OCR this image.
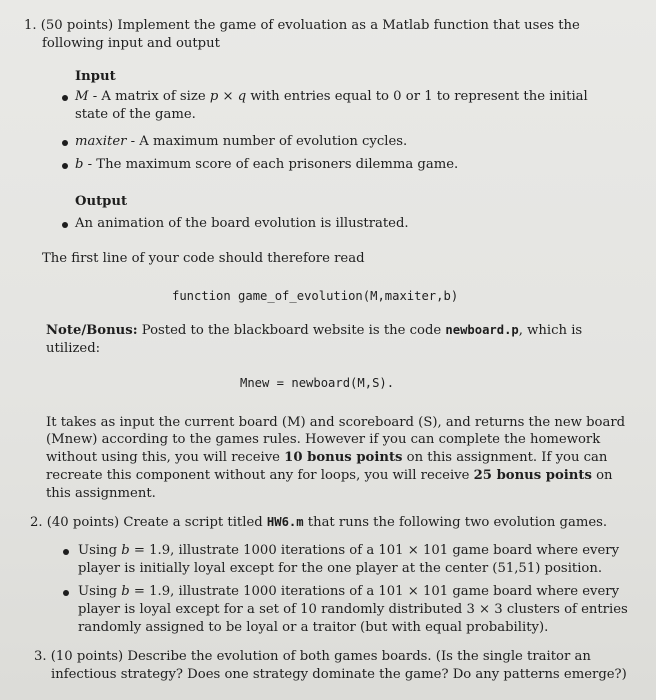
1. (50 points) Implement the game of evoluation as a Matlab function that uses the
following input and output
Input
M - A matrix of size p × q with entries equal to 0 or 1 to represent the initial
state of the game.
maxiter - A maximum number of evolution cycles.
b - The maximum score of each prisoners dilemma game.
Output
An animation of the board evolution is illustrated.
The first line of your code should therefore read
function game_of_evolution(M,maxiter,b)
Note/Bonus: Posted to the blackboard website is the code newboard.p, which is
utilized:
Mnew = newboard(M,S).
It takes as input the current board (M) and scoreboard (S), and returns the new board
(Mnew) according to the games rules. However if you can complete the homework
without using this, you will receive 10 bonus points on this assignment. If you can
recreate this component without any for loops, you will receive 25 bonus points on
this assignment.
2. (40 points) Create a script titled HW6.m that runs the following two evolution games.
Using b = 1.9, illustrate 1000 iterations of a 101 × 101 game board where every
player is initially loyal except for the one player at the center (51,51) position.
Using b = 1.9, illustrate 1000 iterations of a 101 × 101 game board where every
player is loyal except for a set of 10 randomly distributed 3 × 3 clusters of entries
randomly assigned to be loyal or a traitor (but with equal probability).
3. (10 points) Describe the evolution of both games boards. (Is the single traitor an
infectious strategy? Does one strategy dominate the game? Do any patterns emerge?)
